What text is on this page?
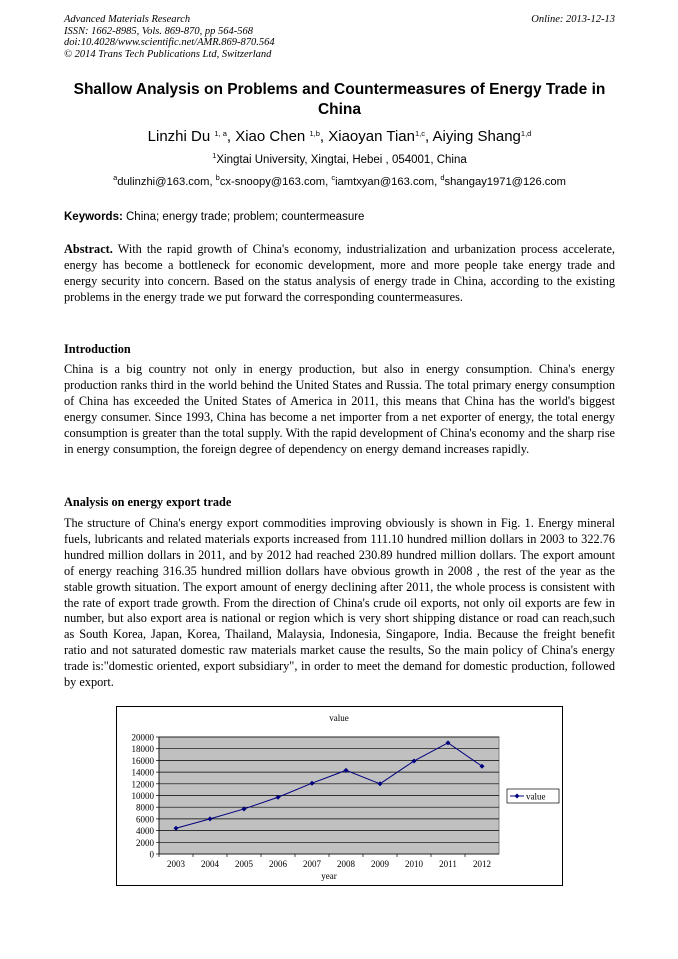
Advanced Materials Research
ISSN: 1662-8985, Vols. 869-870, pp 564-568
doi:10.4028/www.scientific.net/AMR.869-870.564
© 2014 Trans Tech Publications Ltd, Switzerland
Online: 2013-12-13
Shallow Analysis on Problems and Countermeasures of Energy Trade in China
Linzhi Du $^{1, a}$, Xiao Chen $^{1,b}$, Xiaoyan Tian$^{1,c}$, Aiying Shang$^{1,d}$
$^1$Xingtai University, Xingtai, Hebei , 054001, China
$^a$dulinzhi@163.com, $^b$cx-snoopy@163.com, $^c$iamtxyan@163.com, $^d$shangay1971@126.com
Keywords: China; energy trade; problem; countermeasure
Abstract. With the rapid growth of China's economy, industrialization and urbanization process accelerate, energy has become a bottleneck for economic development, more and more people take energy trade and energy security into concern. Based on the status analysis of energy trade in China, according to the existing problems in the energy trade we put forward the corresponding countermeasures.
Introduction
China is a big country not only in energy production, but also in energy consumption. China's energy production ranks third in the world behind the United States and Russia. The total primary energy consumption of China has exceeded the United States of America in 2011, this means that China has the world's biggest energy consumer. Since 1993, China has become a net importer from a net exporter of energy, the total energy consumption is greater than the total supply. With the rapid development of China's economy and the sharp rise in energy consumption, the foreign degree of dependency on energy demand increases rapidly.
Analysis on energy export trade
The structure of China's energy export commodities improving obviously is shown in Fig. 1. Energy mineral fuels, lubricants and related materials exports increased from 111.10 hundred million dollars in 2003 to 322.76 hundred million dollars in 2011, and by 2012 had reached 230.89 hundred million dollars. The export amount of energy reaching 316.35 hundred million dollars have obvious growth in 2008 , the rest of the year as the stable growth situation. The export amount of energy declining after 2011, the whole process is consistent with the rate of export trade growth. From the direction of China's crude oil exports, not only oil exports are few in number, but also export area is national or region which is very short shipping distance or road can reach,such as South Korea, Japan, Korea, Thailand, Malaysia, Indonesia, Singapore, India. Because the freight benefit ratio and not saturated domestic raw materials market cause the results, So the main policy of China's energy trade is:"domestic oriented, export subsidiary", in order to meet the demand for domestic production, followed by export.
0
2000
4000
6000
8000
10000
12000
14000
16000
18000
20000
2003 2004 2005 2006 2007 2008 2009 2010 2011 2012
value
year
value
